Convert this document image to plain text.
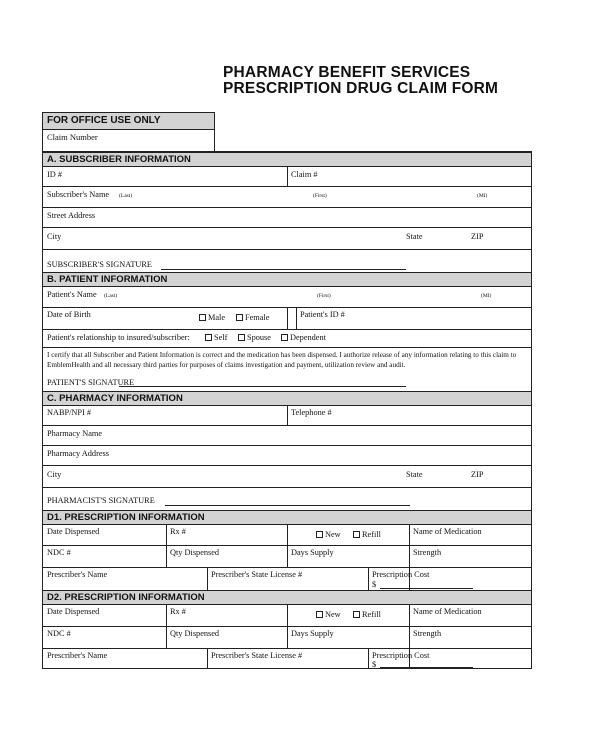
PHARMACY BENEFIT SERVICES
PRESCRIPTION DRUG CLAIM FORM
FOR OFFICE USE ONLY
Claim Number
A. SUBSCRIBER INFORMATION
ID #	Claim #
Subscriber's Name (Last)	(First)	(MI)
Street Address
City	State	ZIP
SUBSCRIBER'S SIGNATURE
B. PATIENT INFORMATION
Patient's Name (Last)	(First)	(MI)
Date of Birth	Male	Female	Patient's ID #
Patient's relationship to insured/subscriber:	Self	Spouse	Dependent
I certify that all Subscriber and Patient Information is correct and the medication has been dispensed. I authorize release of any information relating to this claim to EmblemHealth and all necessary third parties for purposes of claims investigation and payment, utilization review and audit.
PATIENT'S SIGNATURE
C. PHARMACY INFORMATION
NABP/NPI #	Telephone #
Pharmacy Name
Pharmacy Address
City	State	ZIP
PHARMACIST'S SIGNATURE
D1. PRESCRIPTION INFORMATION
Date Dispensed	Rx #	New	Refill	Name of Medication
NDC #	Qty Dispensed	Days Supply	Strength
Prescriber's Name	Prescriber's State License #	Prescription Cost
$
D2. PRESCRIPTION INFORMATION
Date Dispensed	Rx #	New	Refill	Name of Medication
NDC #	Qty Dispensed	Days Supply	Strength
Prescriber's Name	Prescriber's State License #	Prescription Cost
$
